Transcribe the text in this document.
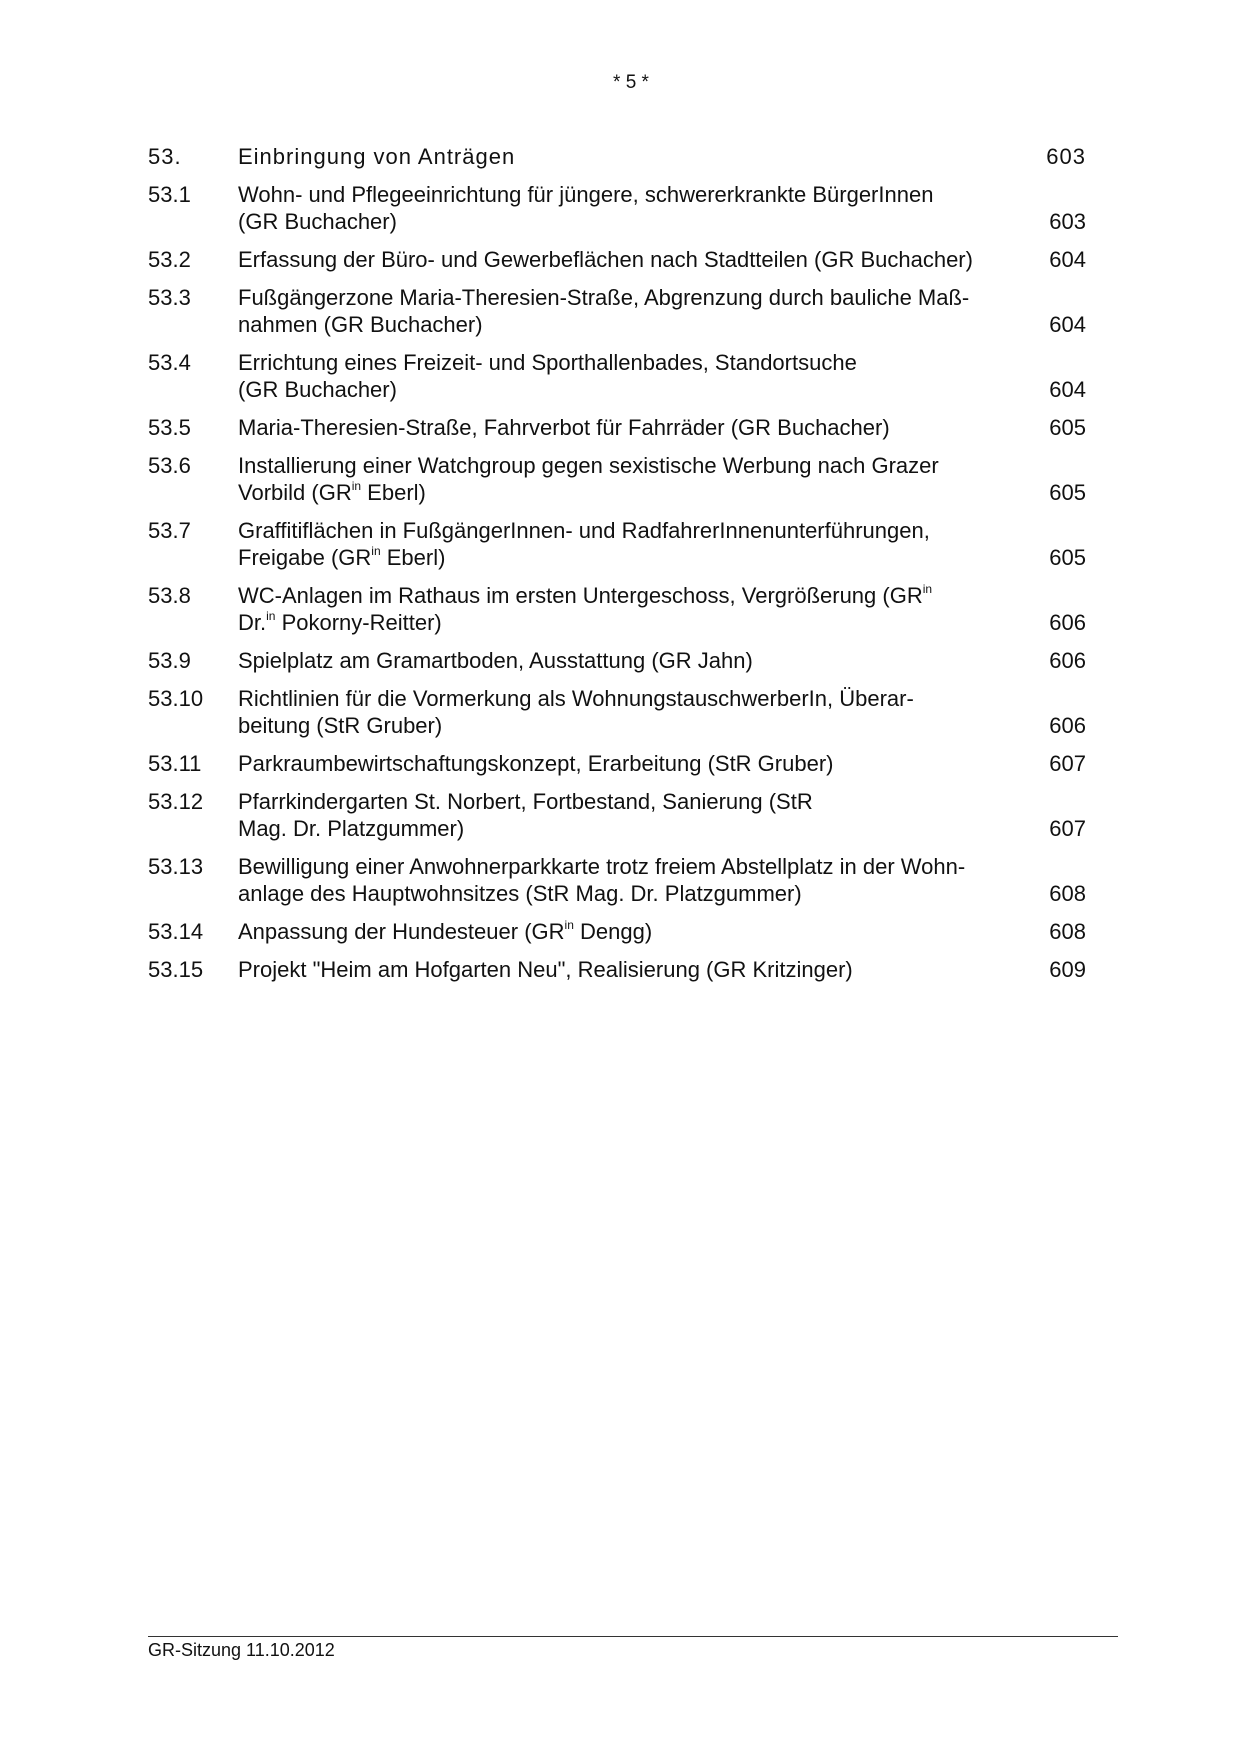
* 5 *
53.	Einbringung von Anträgen	603
53.1	Wohn- und Pflegeeinrichtung für jüngere, schwererkrankte BürgerInnen
(GR Buchacher)	603
53.2	Erfassung der Büro- und Gewerbeflächen nach Stadtteilen (GR Buchacher)	604
53.3	Fußgängerzone Maria-Theresien-Straße, Abgrenzung durch bauliche Maß-
nahmen (GR Buchacher)	604
53.4	Errichtung eines Freizeit- und Sporthallenbades, Standortsuche
(GR Buchacher)	604
53.5	Maria-Theresien-Straße, Fahrverbot für Fahrräder (GR Buchacher)	605
53.6	Installierung einer Watchgroup gegen sexistische Werbung nach Grazer
Vorbild ($GR^{in}$ Eberl)	605
53.7	Graffitiflächen in FußgängerInnen- und RadfahrerInnenunterführungen,
Freigabe ($GR^{in}$ Eberl)	605
53.8	WC-Anlagen im Rathaus im ersten Untergeschoss, Vergrößerung ($GR^{in}$
Dr.$^{in}$ Pokorny-Reitter)	606
53.9	Spielplatz am Gramartboden, Ausstattung (GR Jahn)	606
53.10	Richtlinien für die Vormerkung als WohnungstauschwerberIn, Überar-
beitung (StR Gruber)	606
53.11	Parkraumbewirtschaftungskonzept, Erarbeitung (StR Gruber)	607
53.12	Pfarrkindergarten St. Norbert, Fortbestand, Sanierung (StR
Mag. Dr. Platzgummer)	607
53.13	Bewilligung einer Anwohnerparkkarte trotz freiem Abstellplatz in der Wohn-
anlage des Hauptwohnsitzes (StR Mag. Dr. Platzgummer)	608
53.14	Anpassung der Hundesteuer ($GR^{in}$ Dengg)	608
53.15	Projekt "Heim am Hofgarten Neu", Realisierung (GR Kritzinger)	609
GR-Sitzung 11.10.2012
